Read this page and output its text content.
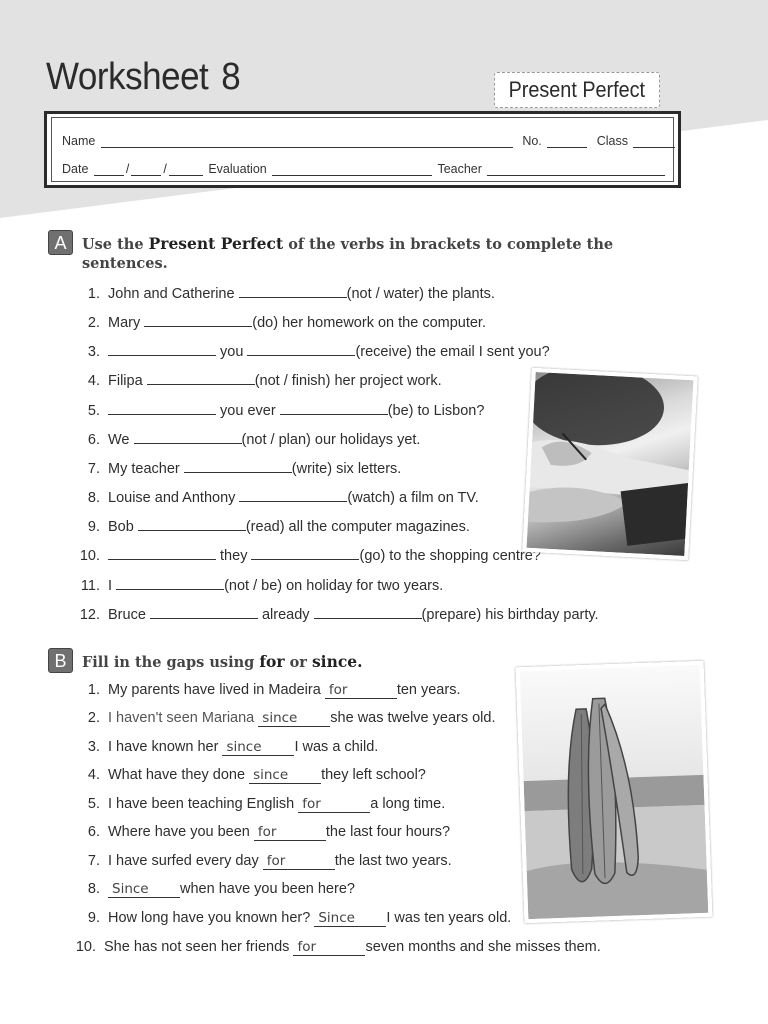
Worksheet 8	Present Perfect
Name	No.	Class
Date	/	/	Evaluation	Teacher
A	Use the Present Perfect of the verbs in brackets to complete the sentences.
1. John and Catherine	(not / water) the plants.
2. Mary	(do) her homework on the computer.
3.	you	(receive) the email I sent you?
4. Filipa	(not / finish) her project work.
5.	you ever	(be) to Lisbon?
6. We	(not / plan) our holidays yet.
7. My teacher	(write) six letters.
8. Louise and Anthony	(watch) a film on TV.
9. Bob	(read) all the computer magazines.
10.	they	(go) to the shopping centre?
11. I	(not / be) on holiday for two years.
12. Bruce	already	(prepare) his birthday party.
B	Fill in the gaps using for or since.
1. My parents have lived in Madeira for	ten years.
2. I haven't seen Mariana since she was twelve years old.
3. I have known her since I was a child.
4. What have they done since they left school?
5. I have been teaching English for	a long time.
6. Where have you been for	the last four hours?
7. I have surfed every day for	the last two years.
8. Since when have you been here?
9. How long have you known her? Since I was ten years old.
10. She has not seen her friends for	seven months and she misses them.
